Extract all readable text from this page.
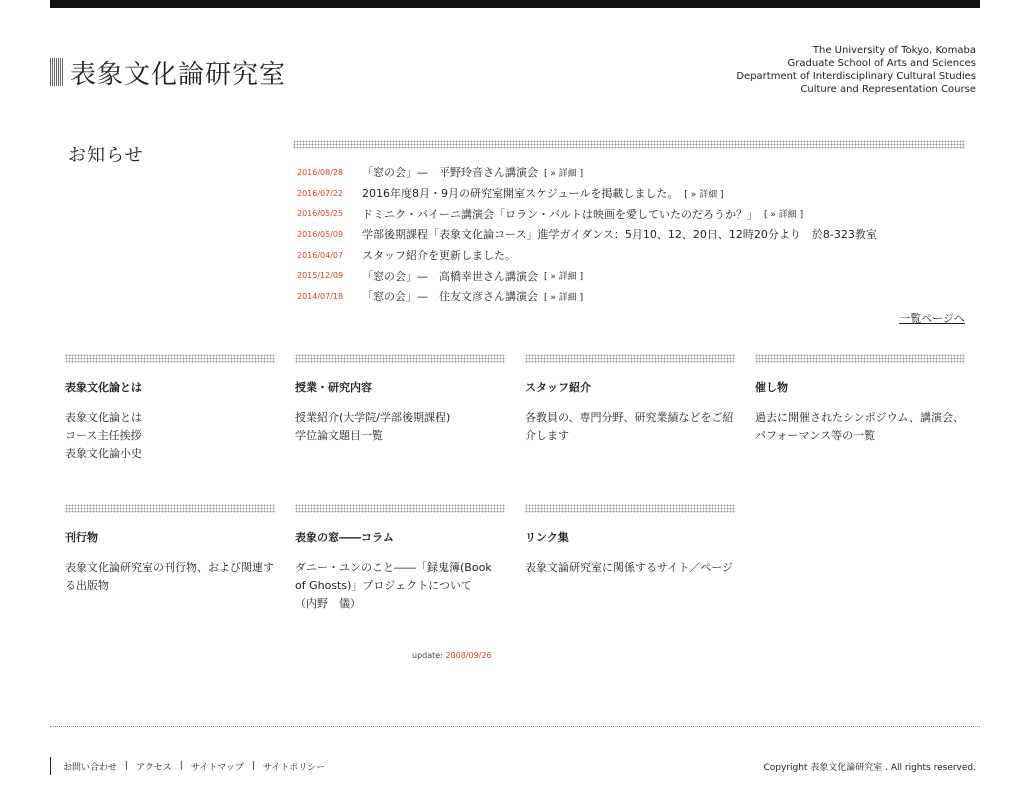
表象文化論研究室
The University of Tokyo, Komaba
Graduate School of Arts and Sciences
Department of Interdisciplinary Cultural Studies
Culture and Representation Course
お知らせ
2016/08/28	「窓の会」—　平野玲音さん講演会 [ » 詳細 ]
2016/07/22	2016年度8月・9月の研究室開室スケジュールを掲載しました。 [ » 詳細 ]
2016/05/25	ドミニク・パイーニ講演会「ロラン・バルトは映画を愛していたのだろうか？」 [ » 詳細 ]
2016/05/09	学部後期課程「表象文化論コース」進学ガイダンス：5月10、12、20日、12時20分より　於8-323教室
2016/04/07	スタッフ紹介を更新しました。
2015/12/09	「窓の会」—　高橋幸世さん講演会 [ » 詳細 ]
2014/07/18	「窓の会」—　住友文彦さん講演会 [ » 詳細 ]
一覧ページへ
表象文化論とは
表象文化論とは
コース主任挨拶
表象文化論小史
授業・研究内容
授業紹介(大学院/学部後期課程)
学位論文題目一覧
スタッフ紹介
各教員の、専門分野、研究業績などをご紹介します
催し物
過去に開催されたシンポジウム、講演会、パフォーマンス等の一覧
刊行物
表象文化論研究室の刊行物、および関連する出版物
表象の窓――コラム
ダニー・ユンのこと――「録鬼簿(Book of Ghosts)」プロジェクトについて
（内野　儀）
リンク集
表象文論研究室に関係するサイト／ページ
update: 2008/09/26
お問い合わせ | アクセス | サイトマップ | サイトポリシー	Copyright 表象文化論研究室 . All rights reserved.
